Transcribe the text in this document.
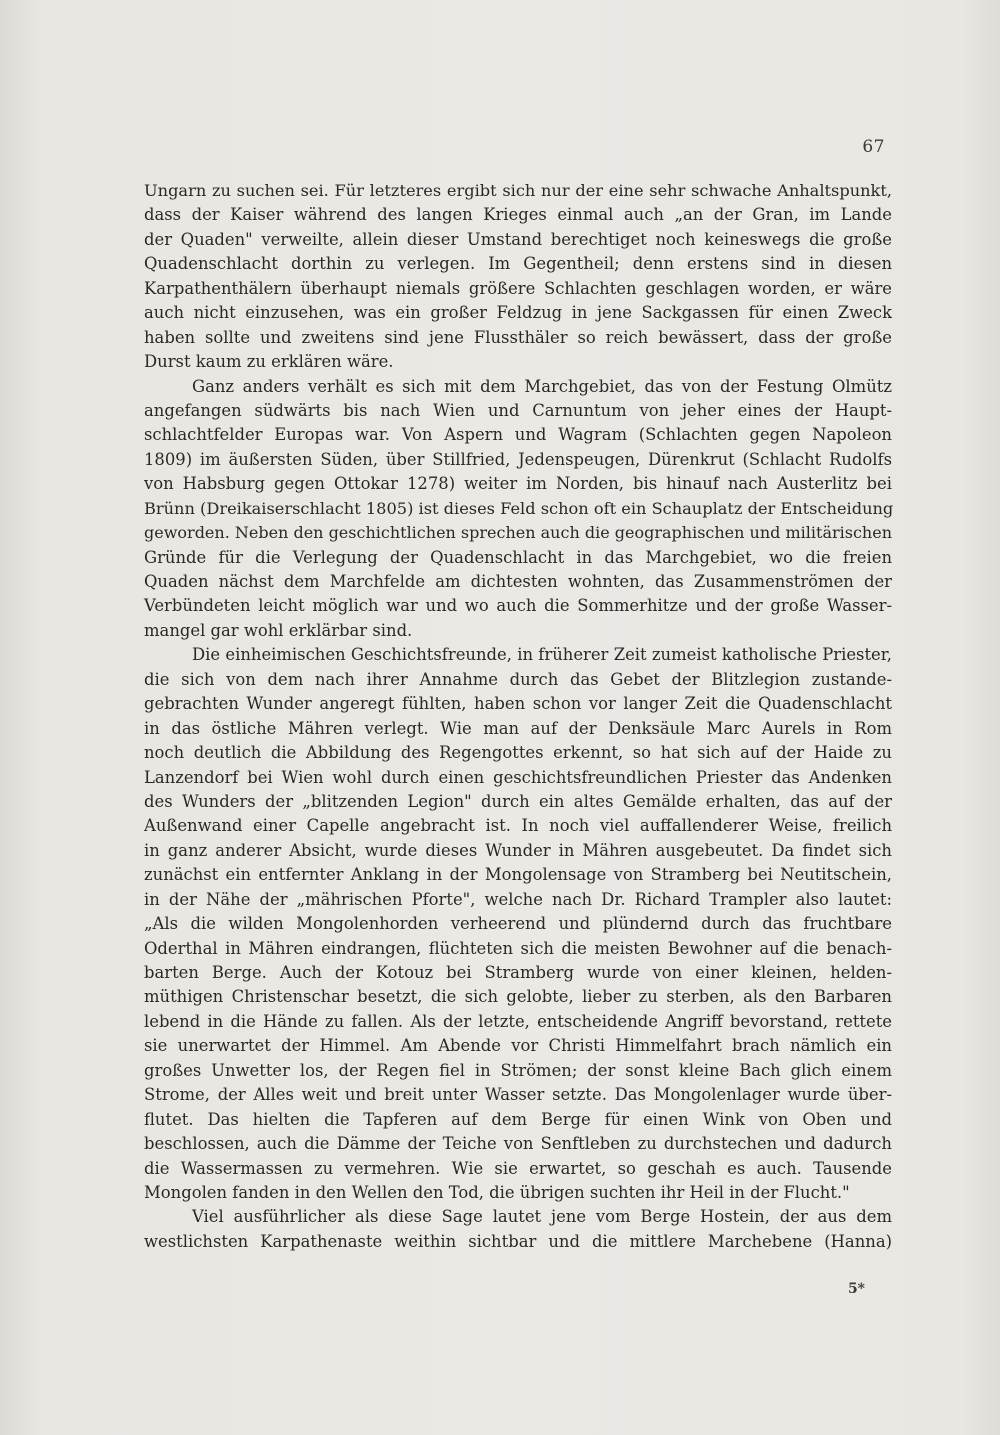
67
Ungarn zu suchen sei. Für letzteres ergibt sich nur der eine sehr schwache Anhaltspunkt,
dass der Kaiser während des langen Krieges einmal auch „an der Gran, im Lande
der Quaden" verweilte, allein dieser Umstand berechtiget noch keineswegs die große
Quadenschlacht dorthin zu verlegen. Im Gegentheil; denn erstens sind in diesen
Karpathenthälern überhaupt niemals größere Schlachten geschlagen worden, er wäre
auch nicht einzusehen, was ein großer Feldzug in jene Sackgassen für einen Zweck
haben sollte und zweitens sind jene Flussthäler so reich bewässert, dass der große
Durst kaum zu erklären wäre.
Ganz anders verhält es sich mit dem Marchgebiet, das von der Festung Olmütz
angefangen südwärts bis nach Wien und Carnuntum von jeher eines der Haupt-
schlachtfelder Europas war. Von Aspern und Wagram (Schlachten gegen Napoleon
1809) im äußersten Süden, über Stillfried, Jedenspeugen, Dürenkrut (Schlacht Rudolfs
von Habsburg gegen Ottokar 1278) weiter im Norden, bis hinauf nach Austerlitz bei
Brünn (Dreikaiserschlacht 1805) ist dieses Feld schon oft ein Schauplatz der Entscheidung
geworden. Neben den geschichtlichen sprechen auch die geographischen und militärischen
Gründe für die Verlegung der Quadenschlacht in das Marchgebiet, wo die freien
Quaden nächst dem Marchfelde am dichtesten wohnten, das Zusammenströmen der
Verbündeten leicht möglich war und wo auch die Sommerhitze und der große Wasser-
mangel gar wohl erklärbar sind.
Die einheimischen Geschichtsfreunde, in früherer Zeit zumeist katholische Priester,
die sich von dem nach ihrer Annahme durch das Gebet der Blitzlegion zustande-
gebrachten Wunder angeregt fühlten, haben schon vor langer Zeit die Quadenschlacht
in das östliche Mähren verlegt. Wie man auf der Denksäule Marc Aurels in Rom
noch deutlich die Abbildung des Regengottes erkennt, so hat sich auf der Haide zu
Lanzendorf bei Wien wohl durch einen geschichtsfreundlichen Priester das Andenken
des Wunders der „blitzenden Legion" durch ein altes Gemälde erhalten, das auf der
Außenwand einer Capelle angebracht ist. In noch viel auffallenderer Weise, freilich
in ganz anderer Absicht, wurde dieses Wunder in Mähren ausgebeutet. Da findet sich
zunächst ein entfernter Anklang in der Mongolensage von Stramberg bei Neutitschein,
in der Nähe der „mährischen Pforte", welche nach Dr. Richard Trampler also lautet:
„Als die wilden Mongolenhorden verheerend und plündernd durch das fruchtbare
Oderthal in Mähren eindrangen, flüchteten sich die meisten Bewohner auf die benach-
barten Berge. Auch der Kotouz bei Stramberg wurde von einer kleinen, helden-
müthigen Christenschar besetzt, die sich gelobte, lieber zu sterben, als den Barbaren
lebend in die Hände zu fallen. Als der letzte, entscheidende Angriff bevorstand, rettete
sie unerwartet der Himmel. Am Abende vor Christi Himmelfahrt brach nämlich ein
großes Unwetter los, der Regen fiel in Strömen; der sonst kleine Bach glich einem
Strome, der Alles weit und breit unter Wasser setzte. Das Mongolenlager wurde über-
flutet. Das hielten die Tapferen auf dem Berge für einen Wink von Oben und
beschlossen, auch die Dämme der Teiche von Senftleben zu durchstechen und dadurch
die Wassermassen zu vermehren. Wie sie erwartet, so geschah es auch. Tausende
Mongolen fanden in den Wellen den Tod, die übrigen suchten ihr Heil in der Flucht."
Viel ausführlicher als diese Sage lautet jene vom Berge Hostein, der aus dem
westlichsten Karpathenaste weithin sichtbar und die mittlere Marchebene (Hanna)
5*
